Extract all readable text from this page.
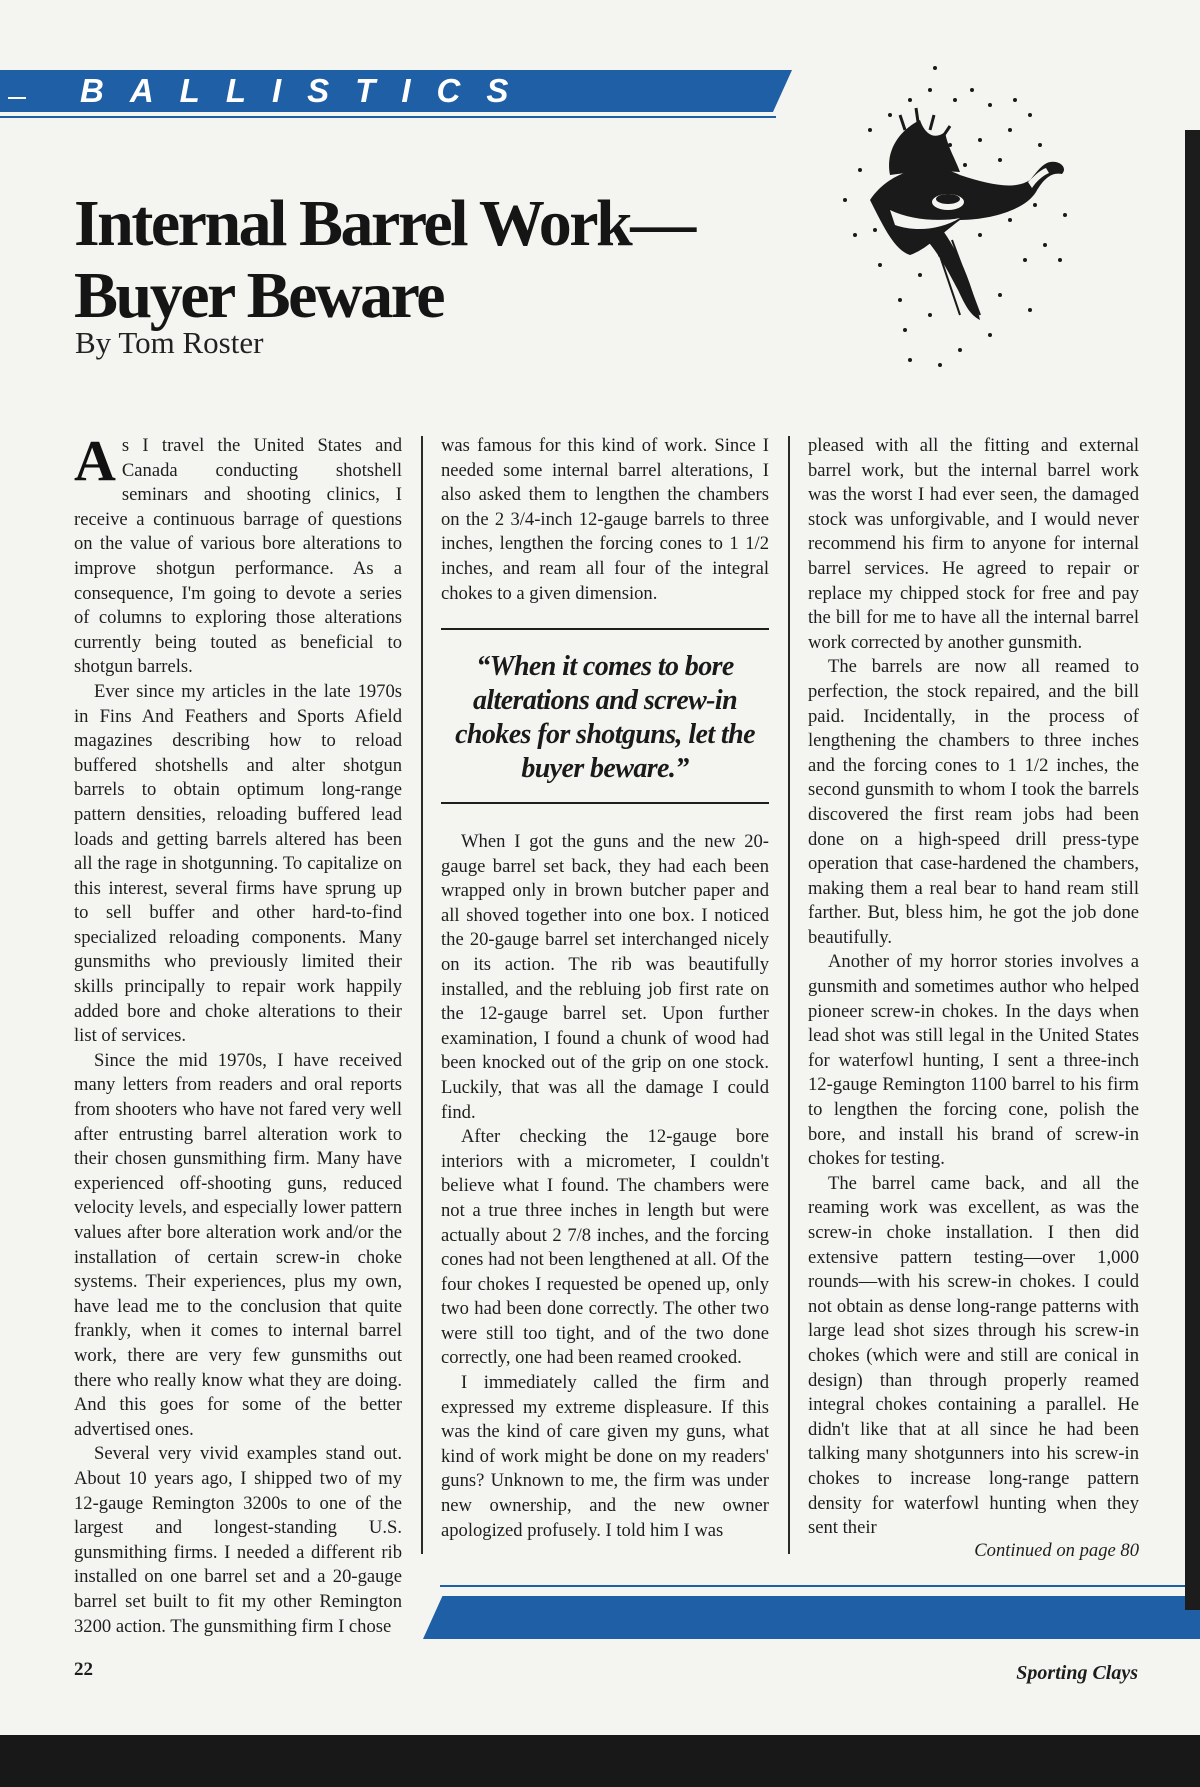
BALLISTICS
Internal Barrel Work—
Buyer Beware

By Tom Roster

As I travel the United States and Canada conducting shotshell seminars and shooting clinics, I receive a continuous barrage of questions on the value of various bore alterations to improve shotgun performance. As a consequence, I'm going to devote a series of columns to exploring those alterations currently being touted as beneficial to shotgun barrels.

Ever since my articles in the late 1970s in Fins And Feathers and Sports Afield magazines describing how to reload buffered shotshells and alter shotgun barrels to obtain optimum long-range pattern densities, reloading buffered lead loads and getting barrels altered has been all the rage in shotgunning. To capitalize on this interest, several firms have sprung up to sell buffer and other hard-to-find specialized reloading components. Many gunsmiths who previously limited their skills principally to repair work happily added bore and choke alterations to their list of services.

Since the mid 1970s, I have received many letters from readers and oral reports from shooters who have not fared very well after entrusting barrel alteration work to their chosen gunsmithing firm. Many have experienced off-shooting guns, reduced velocity levels, and especially lower pattern values after bore alteration work and/or the installation of certain screw-in choke systems. Their experiences, plus my own, have lead me to the conclusion that quite frankly, when it comes to internal barrel work, there are very few gunsmiths out there who really know what they are doing. And this goes for some of the better advertised ones.

Several very vivid examples stand out. About 10 years ago, I shipped two of my 12-gauge Remington 3200s to one of the largest and longest-standing U.S. gunsmithing firms. I needed a different rib installed on one barrel set and a 20-gauge barrel set built to fit my other Remington 3200 action. The gunsmithing firm I chose

was famous for this kind of work. Since I needed some internal barrel alterations, I also asked them to lengthen the chambers on the 2 3/4-inch 12-gauge barrels to three inches, lengthen the forcing cones to 1 1/2 inches, and ream all four of the integral chokes to a given dimension.

“When it comes to bore alterations and screw-in chokes for shotguns, let the buyer beware.”

When I got the guns and the new 20-gauge barrel set back, they had each been wrapped only in brown butcher paper and all shoved together into one box. I noticed the 20-gauge barrel set interchanged nicely on its action. The rib was beautifully installed, and the rebluing job first rate on the 12-gauge barrel set. Upon further examination, I found a chunk of wood had been knocked out of the grip on one stock. Luckily, that was all the damage I could find.

After checking the 12-gauge bore interiors with a micrometer, I couldn't believe what I found. The chambers were not a true three inches in length but were actually about 2 7/8 inches, and the forcing cones had not been lengthened at all. Of the four chokes I requested be opened up, only two had been done correctly. The other two were still too tight, and of the two done correctly, one had been reamed crooked.

I immediately called the firm and expressed my extreme displeasure. If this was the kind of care given my guns, what kind of work might be done on my readers' guns? Unknown to me, the firm was under new ownership, and the new owner apologized profusely. I told him I was

pleased with all the fitting and external barrel work, but the internal barrel work was the worst I had ever seen, the damaged stock was unforgivable, and I would never recommend his firm to anyone for internal barrel services. He agreed to repair or replace my chipped stock for free and pay the bill for me to have all the internal barrel work corrected by another gunsmith.

The barrels are now all reamed to perfection, the stock repaired, and the bill paid. Incidentally, in the process of lengthening the chambers to three inches and the forcing cones to 1 1/2 inches, the second gunsmith to whom I took the barrels discovered the first ream jobs had been done on a high-speed drill press-type operation that case-hardened the chambers, making them a real bear to hand ream still farther. But, bless him, he got the job done beautifully.

Another of my horror stories involves a gunsmith and sometimes author who helped pioneer screw-in chokes. In the days when lead shot was still legal in the United States for waterfowl hunting, I sent a three-inch 12-gauge Remington 1100 barrel to his firm to lengthen the forcing cone, polish the bore, and install his brand of screw-in chokes for testing.

The barrel came back, and all the reaming work was excellent, as was the screw-in choke installation. I then did extensive pattern testing—over 1,000 rounds—with his screw-in chokes. I could not obtain as dense long-range patterns with large lead shot sizes through his screw-in chokes (which were and still are conical in design) than through properly reamed integral chokes containing a parallel. He didn't like that at all since he had been talking many shotgunners into his screw-in chokes to increase long-range pattern density for waterfowl hunting when they sent their

Continued on page 80
22	Sporting Clays
